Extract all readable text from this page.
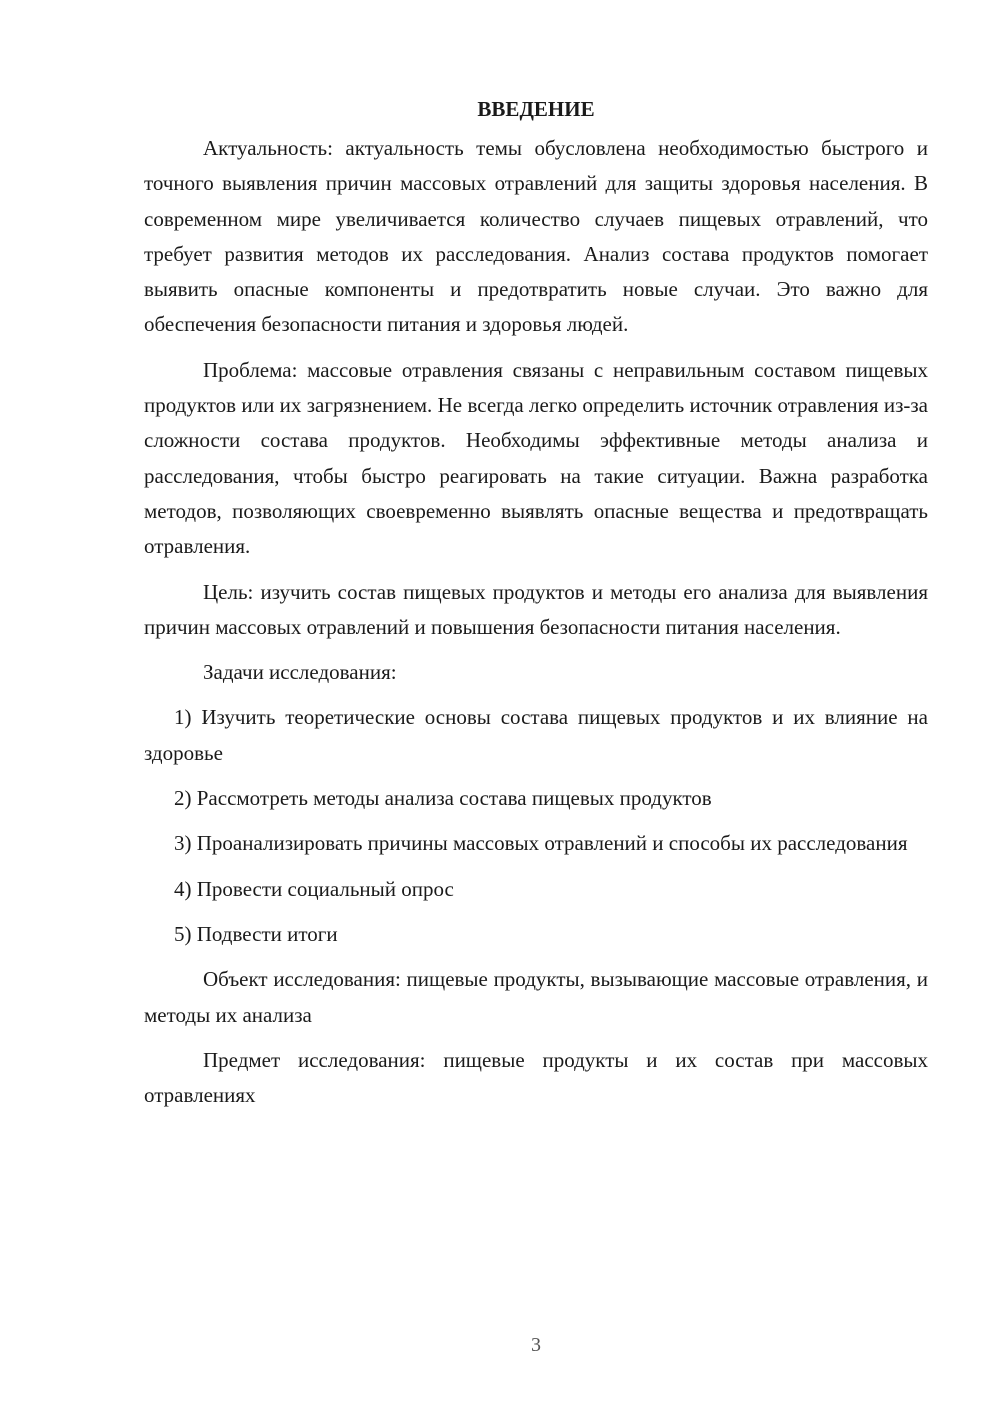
ВВЕДЕНИЕ

Актуальность: актуальность темы обусловлена необходимостью быстрого и точного выявления причин массовых отравлений для защиты здоровья населения. В современном мире увеличивается количество случаев пищевых отравлений, что требует развития методов их расследования. Анализ состава продуктов помогает выявить опасные компоненты и предотвратить новые случаи. Это важно для обеспечения безопасности питания и здоровья людей.

Проблема: массовые отравления связаны с неправильным составом пищевых продуктов или их загрязнением. Не всегда легко определить источник отравления из-за сложности состава продуктов. Необходимы эффективные методы анализа и расследования, чтобы быстро реагировать на такие ситуации. Важна разработка методов, позволяющих своевременно выявлять опасные вещества и предотвращать отравления.

Цель: изучить состав пищевых продуктов и методы его анализа для выявления причин массовых отравлений и повышения безопасности питания населения.

Задачи исследования:

1) Изучить теоретические основы состава пищевых продуктов и их влияние на здоровье

2) Рассмотреть методы анализа состава пищевых продуктов

3) Проанализировать причины массовых отравлений и способы их расследования

4) Провести социальный опрос

5) Подвести итоги

Объект исследования: пищевые продукты, вызывающие массовые отравления, и методы их анализа

Предмет исследования: пищевые продукты и их состав при массовых отравлениях

3
